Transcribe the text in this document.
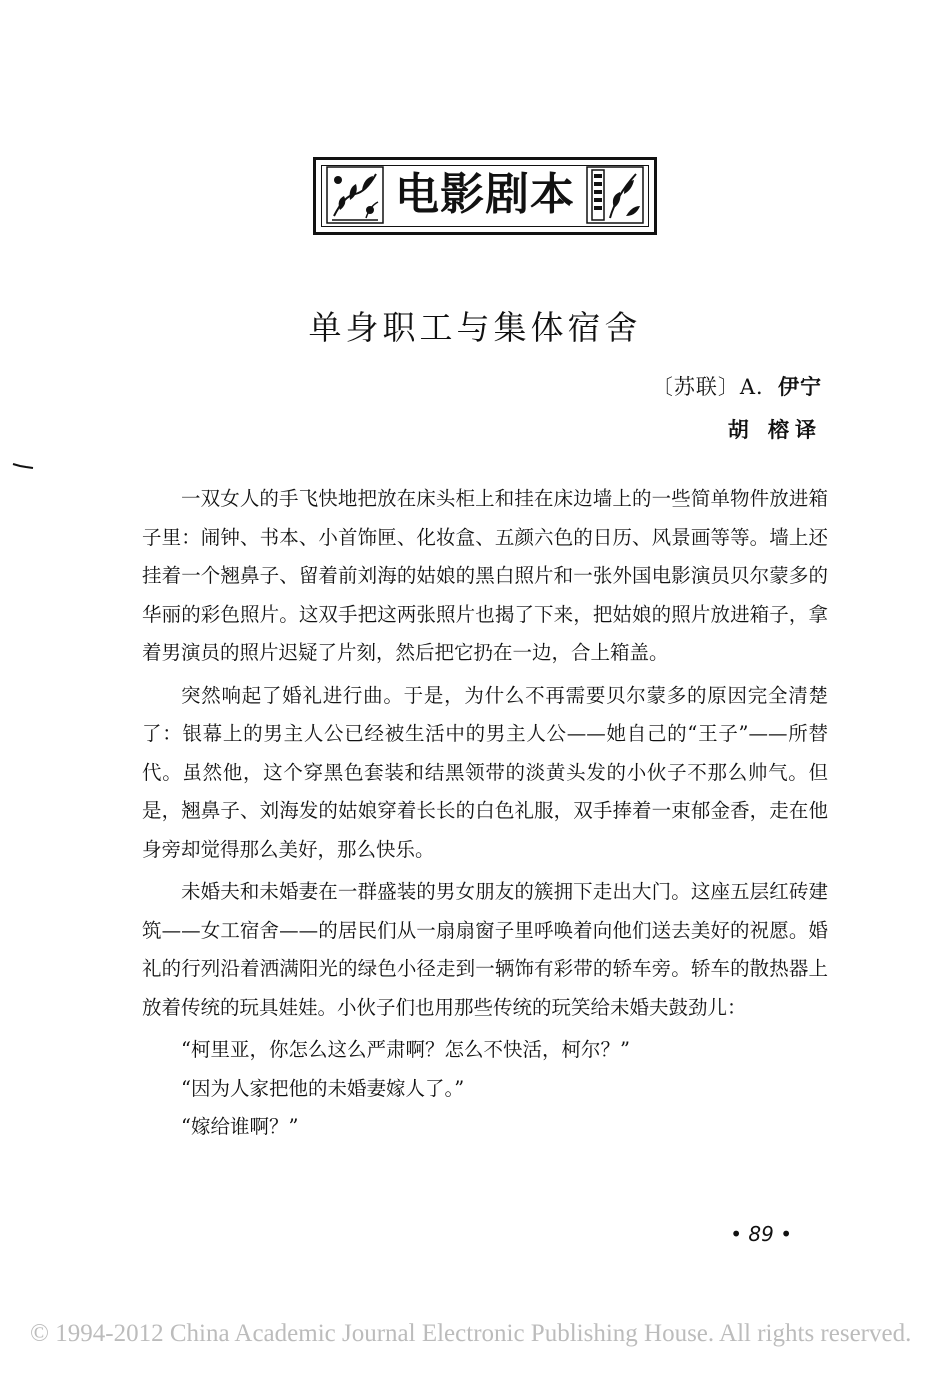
电影剧本
单身职工与集体宿舍
〔苏联〕A．伊宁
胡 榕译

一双女人的手飞快地把放在床头柜上和挂在床边墙上的一些简单物件放进箱子里：闹钟、书本、小首饰匣、化妆盒、五颜六色的日历、风景画等等。墙上还挂着一个翘鼻子、留着前刘海的姑娘的黑白照片和一张外国电影演员贝尔蒙多的华丽的彩色照片。这双手把这两张照片也揭了下来，把姑娘的照片放进箱子，拿着男演员的照片迟疑了片刻，然后把它扔在一边，合上箱盖。

突然响起了婚礼进行曲。于是，为什么不再需要贝尔蒙多的原因完全清楚了：银幕上的男主人公已经被生活中的男主人公——她自己的“王子”——所替代。虽然他，这个穿黑色套装和结黑领带的淡黄头发的小伙子不那么帅气。但是，翘鼻子、刘海发的姑娘穿着长长的白色礼服，双手捧着一束郁金香，走在他身旁却觉得那么美好，那么快乐。

未婚夫和未婚妻在一群盛装的男女朋友的簇拥下走出大门。这座五层红砖建筑——女工宿舍——的居民们从一扇扇窗子里呼唤着向他们送去美好的祝愿。婚礼的行列沿着洒满阳光的绿色小径走到一辆饰有彩带的轿车旁。轿车的散热器上放着传统的玩具娃娃。小伙子们也用那些传统的玩笑给未婚夫鼓劲儿：

“柯里亚，你怎么这么严肃啊？怎么不快活，柯尔？”

“因为人家把他的未婚妻嫁人了。”

“嫁给谁啊？”

• 89 •
© 1994-2012 China Academic Journal Electronic Publishing House. All rights reserved.
